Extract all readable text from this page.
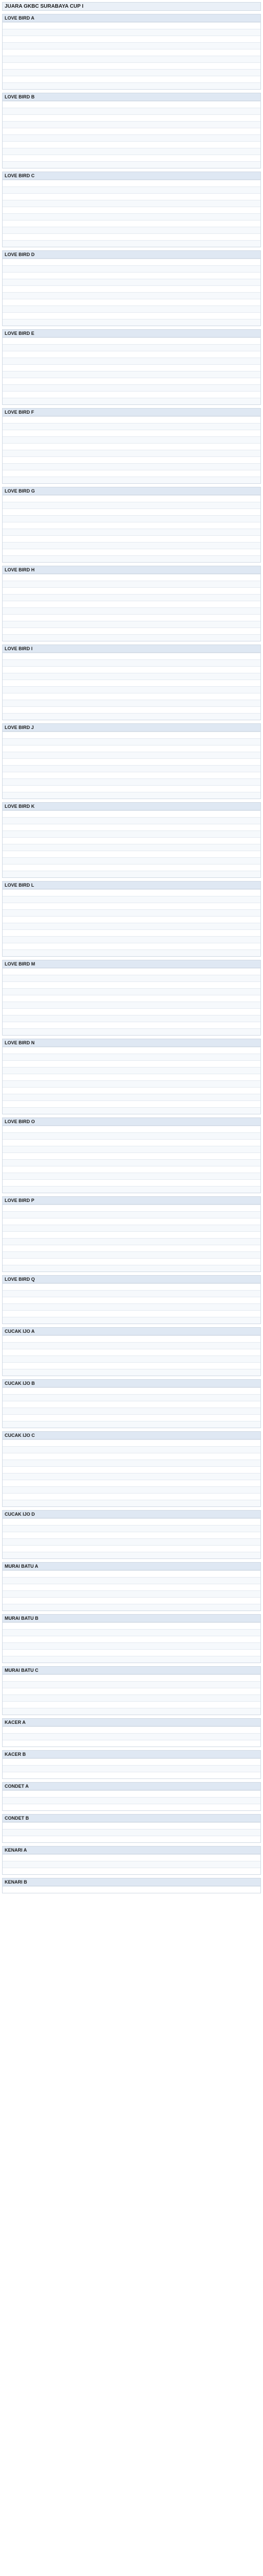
JUARA GKBC SURABAYA CUP I
LOVE BIRD A

LOVE BIRD B

LOVE BIRD C

LOVE BIRD D

LOVE BIRD E

LOVE BIRD F

LOVE BIRD G

LOVE BIRD H

LOVE BIRD I

LOVE BIRD J

LOVE BIRD K

LOVE BIRD L

LOVE BIRD M

LOVE BIRD N

LOVE BIRD O

LOVE BIRD P

LOVE BIRD Q

CUCAK IJO A

CUCAK IJO B

CUCAK IJO C

CUCAK IJO D

MURAI BATU A

MURAI BATU B

MURAI BATU C

KACER A

KACER B

CONDET A

CONDET B

KENARI A

KENARI B
